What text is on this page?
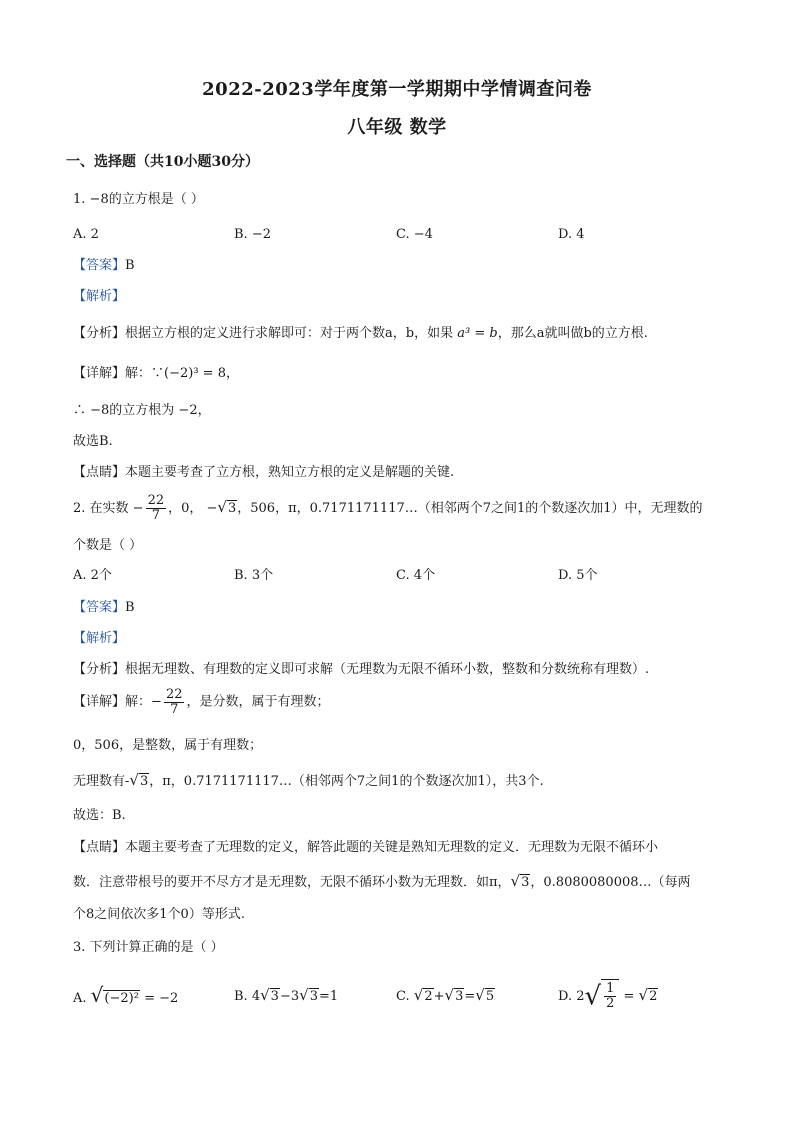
2022-2023学年度第一学期期中学情调查问卷
八年级 数学
一、选择题（共10小题30分）
1. −8的立方根是（ ）
A. 2	B. −2	C. −4	D. 4
【答案】B
【解析】
【分析】根据立方根的定义进行求解即可：对于两个数a，b，如果 a³ = b，那么a就叫做b的立方根.
【详解】解：∵(−2)³ = 8，
∴ −8的立方根为 −2，
故选B.
【点睛】本题主要考查了立方根，熟知立方根的定义是解题的关键.
2. 在实数 − $\frac{22}{7}$ ，0， −√3，506，π，0.7171171117…（相邻两个7之间1的个数逐次加1）中，无理数的
个数是（ ）
A. 2个	B. 3个	C. 4个	D. 5个
【答案】B
【解析】
【分析】根据无理数、有理数的定义即可求解（无理数为无限不循环小数，整数和分数统称有理数）.
【详解】解：− $\frac{22}{7}$ ，是分数，属于有理数；
0，506，是整数，属于有理数；
无理数有-√3，π，0.7171171117…（相邻两个7之间1的个数逐次加1），共3个.
故选：B.
【点睛】本题主要考查了无理数的定义，解答此题的关键是熟知无理数的定义．无理数为无限不循环小
数．注意带根号的要开不尽方才是无理数，无限不循环小数为无理数．如π，√3，0.8080080008…（每两
个8之间依次多1个0）等形式.
3. 下列计算正确的是（ ）
A. √(−2)² = −2	B. 4√3−3√3=1	C. √2+√3=√5	D. $2√ \frac{1}{2} = √2$
